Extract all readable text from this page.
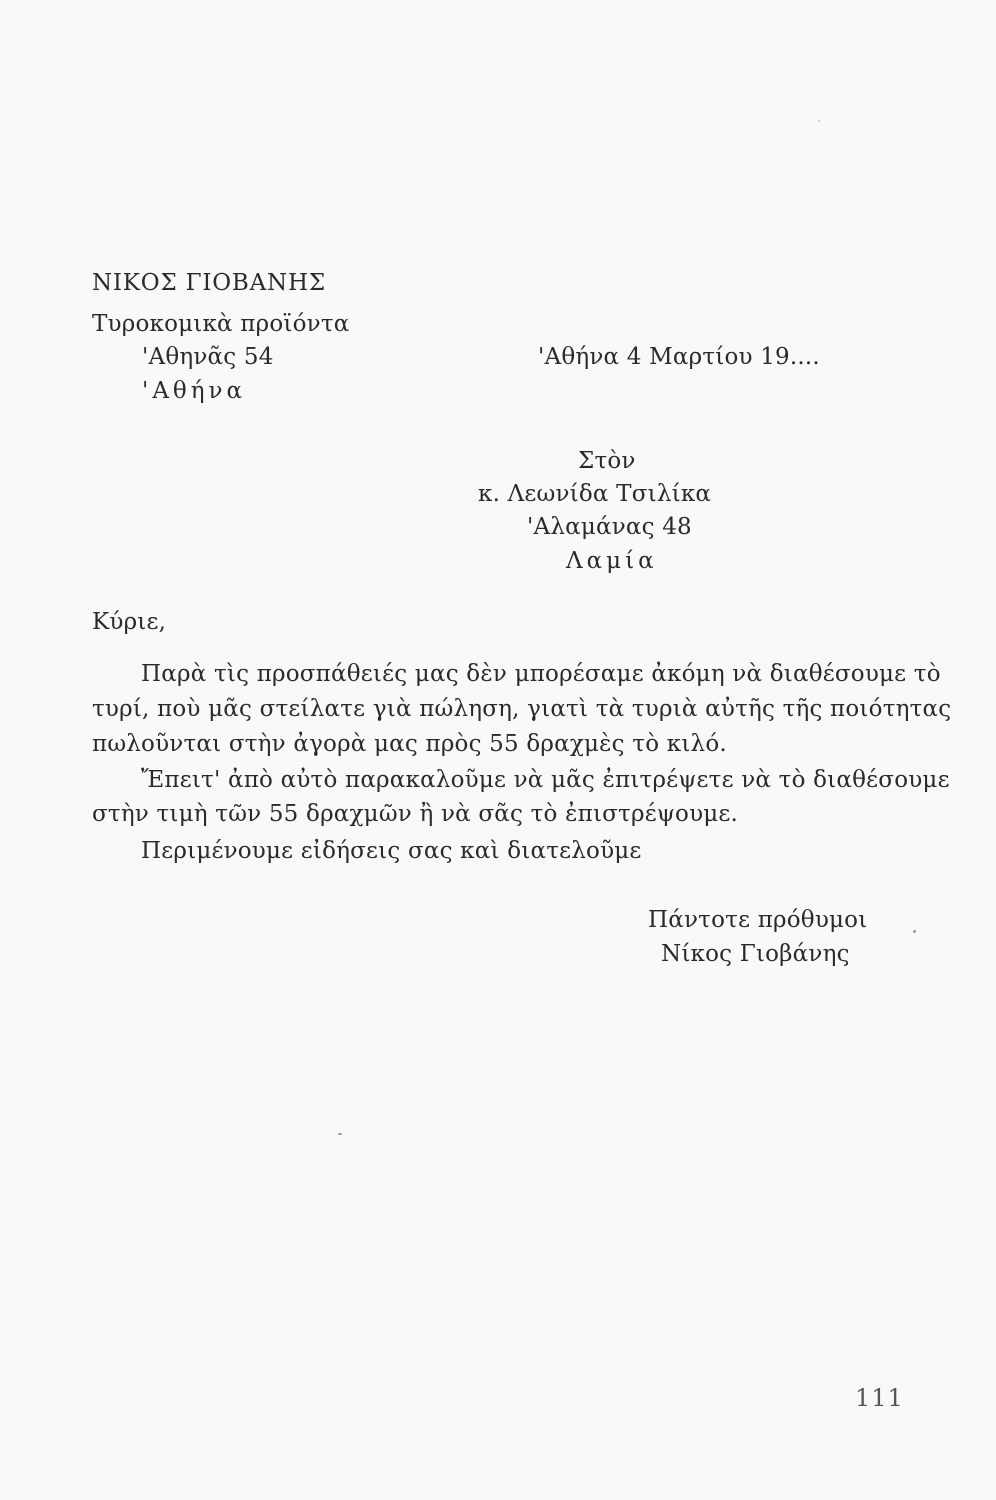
ΝΙΚΟΣ ΓΙΟΒΑΝΗΣ
Τυροκομικὰ προϊόντα
'Αθηνᾶς 54
'Αθήνα
'Αθήνα 4 Μαρτίου 19....
Στὸν
κ. Λεωνίδα Τσιλίκα
'Αλαμάνας 48
Λαμία
Κύριε,
Παρὰ τὶς προσπάθειές μας δὲν μπορέσαμε ἀκόμη νὰ διαθέσουμε τὸ
τυρί, ποὺ μᾶς στείλατε γιὰ πώληση, γιατὶ τὰ τυριὰ αὐτῆς τῆς ποιότητας
πωλοῦνται στὴν ἀγορὰ μας πρὸς 55 δραχμὲς τὸ κιλό.
Ἔπειτ' ἀπὸ αὐτὸ παρακαλοῦμε νὰ μᾶς ἐπιτρέψετε νὰ τὸ διαθέσουμε
στὴν τιμὴ τῶν 55 δραχμῶν ἢ νὰ σᾶς τὸ ἐπιστρέψουμε.
Περιμένουμε εἰδήσεις σας καὶ διατελοῦμε
Πάντοτε πρόθυμοι
Νίκος Γιοβάνης
111
